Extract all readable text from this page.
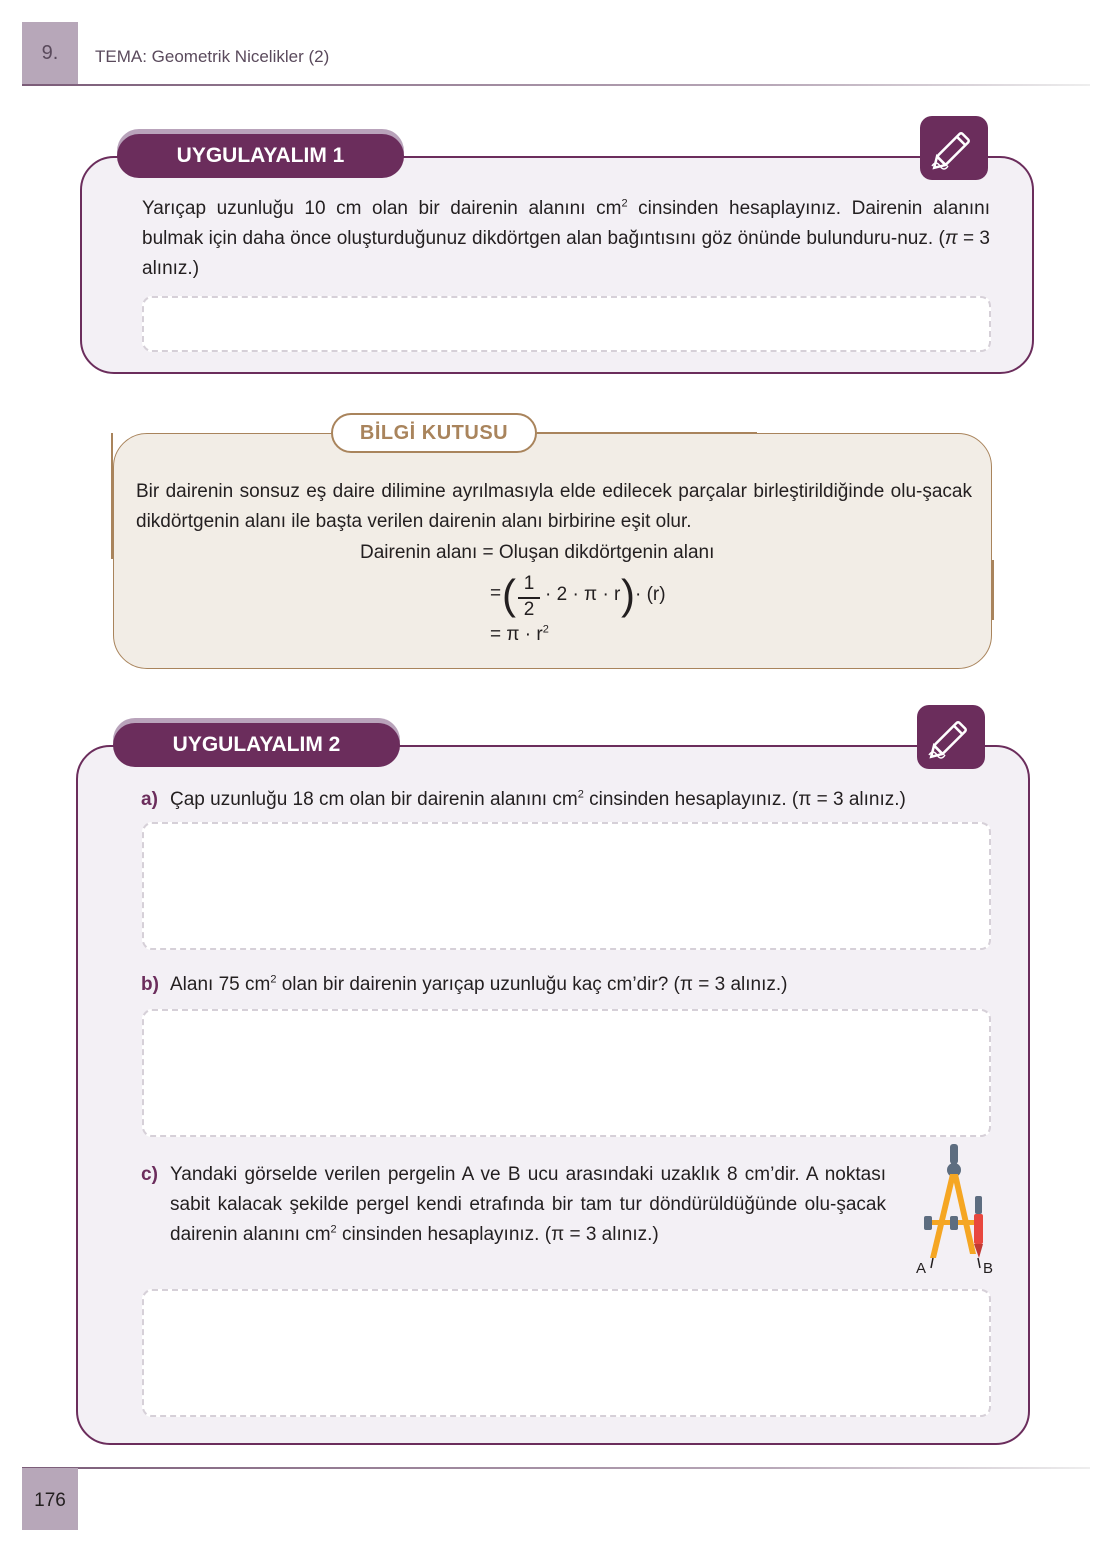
9.	TEMA: Geometrik Nicelikler (2)
UYGULAYALIM 1
Yarıçap uzunluğu 10 cm olan bir dairenin alanını $cm^2$ cinsinden hesaplayınız. Dairenin alanını bulmak için daha önce oluşturduğunuz dikdörtgen alan bağıntısını göz önünde bulunduru-nuz. (π = 3 alınız.)
BİLGİ KUTUSU
Bir dairenin sonsuz eş daire dilimine ayrılmasıyla elde edilecek parçalar birleştirildiğinde olu-şacak dikdörtgenin alanı ile başta verilen dairenin alanı birbirine eşit olur.
Dairenin alanı = Oluşan dikdörtgenin alanı
= ( 1
2
· 2 · π · r ) · (r)
= $\pi \cdot r^2$
UYGULAYALIM 2
a) Çap uzunluğu 18 cm olan bir dairenin alanını $cm^2$ cinsinden hesaplayınız. (π = 3 alınız.)
b) Alanı 75 $cm^2$ olan bir dairenin yarıçap uzunluğu kaç cm’dir? (π = 3 alınız.)
c) Yandaki görselde verilen pergelin A ve B ucu arasındaki uzaklık 8 cm’dir. A noktası sabit kalacak şekilde pergel kendi etrafında bir tam tur döndürüldüğünde olu-şacak dairenin alanını $cm^2$ cinsinden hesaplayınız. (π = 3 alınız.)
A	B
176
